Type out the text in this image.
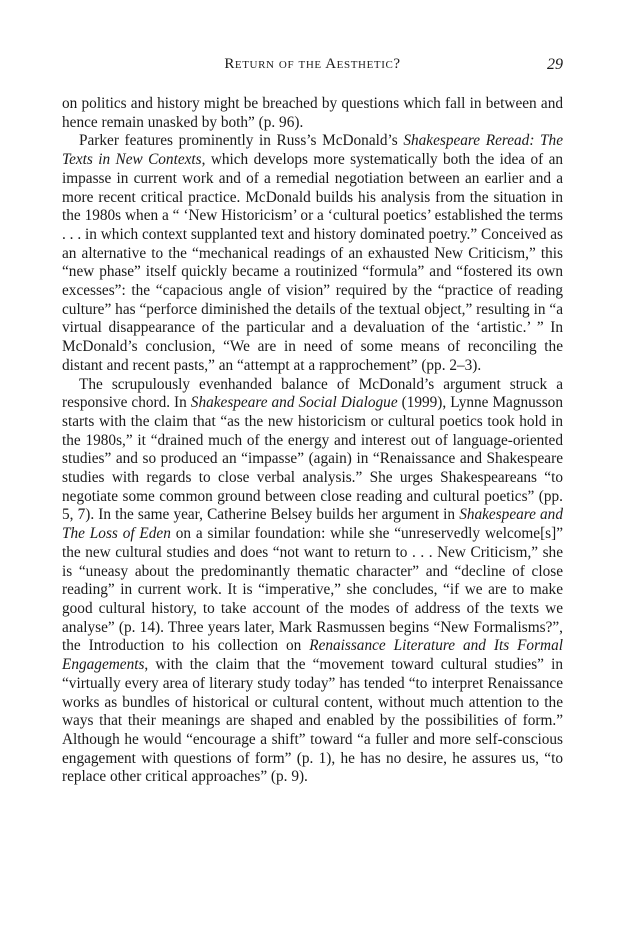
Return of the Aesthetic?	29

on politics and history might be breached by questions which fall in between and hence remain unasked by both” (p. 96).

Parker features prominently in Russ’s McDonald’s Shakespeare Reread: The Texts in New Contexts, which develops more systematically both the idea of an impasse in current work and of a remedial negotiation between an earlier and a more recent critical practice. McDonald builds his analysis from the situation in the 1980s when a “ ‘New Historicism’ or a ‘cultural poetics’ established the terms . . . in which context supplanted text and history dominated poetry.” Conceived as an alternative to the “mechanical readings of an exhausted New Criticism,” this “new phase” itself quickly became a routinized “formula” and “fostered its own excesses”: the “capacious angle of vision” required by the “practice of reading culture” has “perforce diminished the details of the textual object,” resulting in “a virtual disappearance of the particular and a devaluation of the ‘artistic.’ ” In McDonald’s conclusion, “We are in need of some means of reconciling the distant and recent pasts,” an “attempt at a rapprochement” (pp. 2–3).

The scrupulously evenhanded balance of McDonald’s argument struck a responsive chord. In Shakespeare and Social Dialogue (1999), Lynne Magnusson starts with the claim that “as the new historicism or cultural poetics took hold in the 1980s,” it “drained much of the energy and interest out of language-oriented studies” and so produced an “impasse” (again) in “Renaissance and Shakespeare studies with regards to close verbal analysis.” She urges Shakespeareans “to negotiate some common ground between close reading and cultural poetics” (pp. 5, 7). In the same year, Catherine Belsey builds her argument in Shakespeare and The Loss of Eden on a similar foundation: while she “unreservedly welcome[s]” the new cultural studies and does “not want to return to . . . New Criticism,” she is “uneasy about the predominantly thematic character” and “decline of close reading” in current work. It is “imperative,” she concludes, “if we are to make good cultural history, to take account of the modes of address of the texts we analyse” (p. 14). Three years later, Mark Rasmussen begins “New Formalisms?”, the Introduction to his collection on Renaissance Literature and Its Formal Engagements, with the claim that the “movement toward cultural studies” in “virtually every area of literary study today” has tended “to interpret Renaissance works as bundles of historical or cultural content, without much attention to the ways that their meanings are shaped and enabled by the possibilities of form.” Although he would “encourage a shift” toward “a fuller and more self-conscious engagement with questions of form” (p. 1), he has no desire, he assures us, “to replace other critical approaches” (p. 9).
